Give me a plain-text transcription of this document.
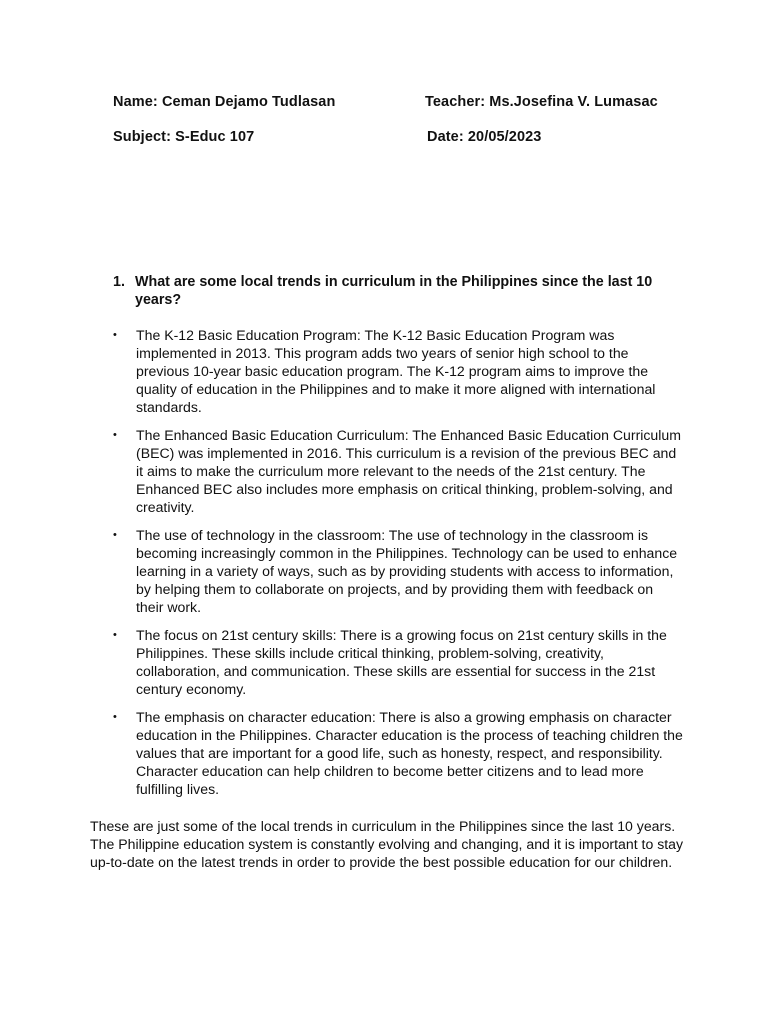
Name: Ceman Dejamo Tudlasan	Teacher: Ms.Josefina V. Lumasac
Subject: S-Educ 107	Date: 20/05/2023
1. What are some local trends in curriculum in the Philippines since the last 10 years?
• The K-12 Basic Education Program: The K-12 Basic Education Program was implemented in 2013. This program adds two years of senior high school to the previous 10-year basic education program. The K-12 program aims to improve the quality of education in the Philippines and to make it more aligned with international standards.
• The Enhanced Basic Education Curriculum: The Enhanced Basic Education Curriculum (BEC) was implemented in 2016. This curriculum is a revision of the previous BEC and it aims to make the curriculum more relevant to the needs of the 21st century. The Enhanced BEC also includes more emphasis on critical thinking, problem-solving, and creativity.
• The use of technology in the classroom: The use of technology in the classroom is becoming increasingly common in the Philippines. Technology can be used to enhance learning in a variety of ways, such as by providing students with access to information, by helping them to collaborate on projects, and by providing them with feedback on their work.
• The focus on 21st century skills: There is a growing focus on 21st century skills in the Philippines. These skills include critical thinking, problem-solving, creativity, collaboration, and communication. These skills are essential for success in the 21st century economy.
• The emphasis on character education: There is also a growing emphasis on character education in the Philippines. Character education is the process of teaching children the values that are important for a good life, such as honesty, respect, and responsibility. Character education can help children to become better citizens and to lead more fulfilling lives.

These are just some of the local trends in curriculum in the Philippines since the last 10 years. The Philippine education system is constantly evolving and changing, and it is important to stay up-to-date on the latest trends in order to provide the best possible education for our children.
